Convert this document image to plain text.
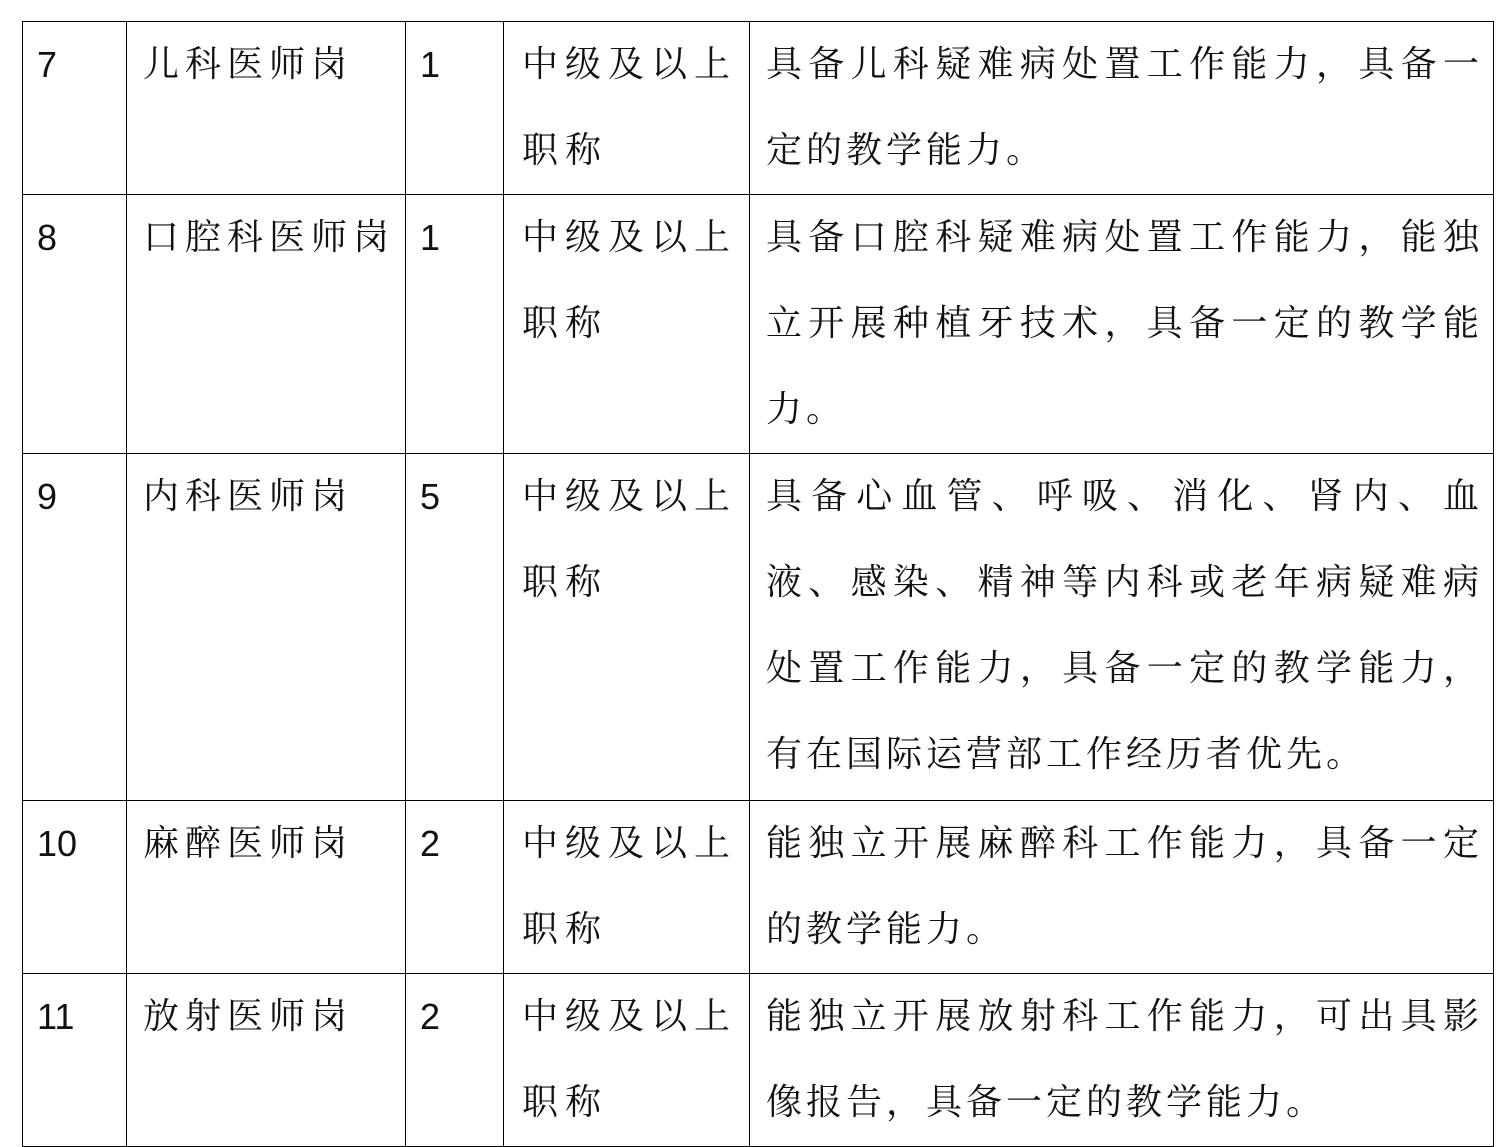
7	儿科医师岗	1	中级及以上职称	具备儿科疑难病处置工作能力，具备一定的教学能力。
8	口腔科医师岗	1	中级及以上职称	具备口腔科疑难病处置工作能力，能独立开展种植牙技术，具备一定的教学能力。
9	内科医师岗	5	中级及以上职称	具备心血管、呼吸、消化、肾内、血液、感染、精神等内科或老年病疑难病处置工作能力，具备一定的教学能力，有在国际运营部工作经历者优先。
10	麻醉医师岗	2	中级及以上职称	能独立开展麻醉科工作能力，具备一定的教学能力。
11	放射医师岗	2	中级及以上职称	能独立开展放射科工作能力，可出具影像报告，具备一定的教学能力。
